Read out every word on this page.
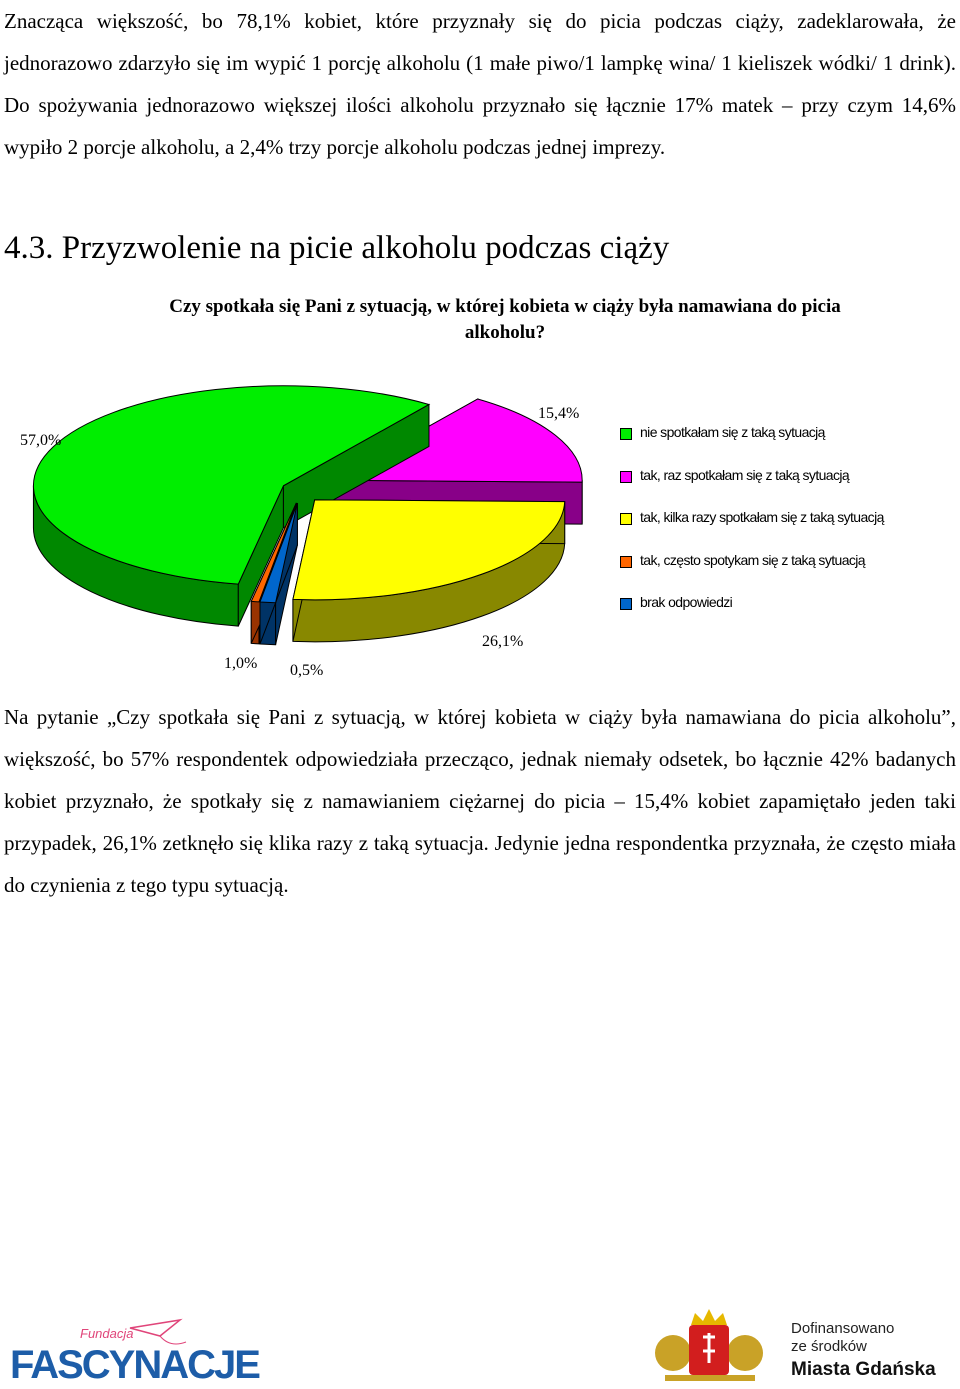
Znacząca większość, bo 78,1% kobiet, które przyznały się do picia podczas ciąży, zadeklarowała, że jednorazowo zdarzyło się im wypić 1 porcję alkoholu (1 małe piwo/1 lampkę wina/ 1 kieliszek wódki/ 1 drink). Do spożywania jednorazowo większej ilości alkoholu przyznało się łącznie 17% matek – przy czym 14,6% wypiło 2 porcje alkoholu, a 2,4% trzy porcje alkoholu podczas jednej imprezy.

4.3. Przyzwolenie na picie alkoholu podczas ciąży
Czy spotkała się Pani z sytuacją, w której kobieta w ciąży była namawiana do picia alkoholu?
57,0%
15,4%
26,1%
0,5%
1,0%
nie spotkałam się z taką sytuacją
tak, raz spotkałam się z taką sytuacją
tak, kilka razy spotkałam się z taką sytuacją
tak, często spotykam się z taką sytuacją
brak odpowiedzi

Na pytanie „Czy spotkała się Pani z sytuacją, w której kobieta w ciąży była namawiana do picia alkoholu”, większość, bo 57% respondentek odpowiedziała przecząco, jednak niemały odsetek, bo łącznie 42% badanych kobiet przyznało, że spotkały się z namawianiem ciężarnej do picia – 15,4% kobiet zapamiętało jeden taki przypadek, 26,1% zetknęło się klika razy z taką sytuacja. Jedynie jedna respondentka przyznała, że często miała do czynienia z tego typu sytuacją.

Fundacja
FASCYNACJE
Dofinansowano
ze środków
Miasta Gdańska
